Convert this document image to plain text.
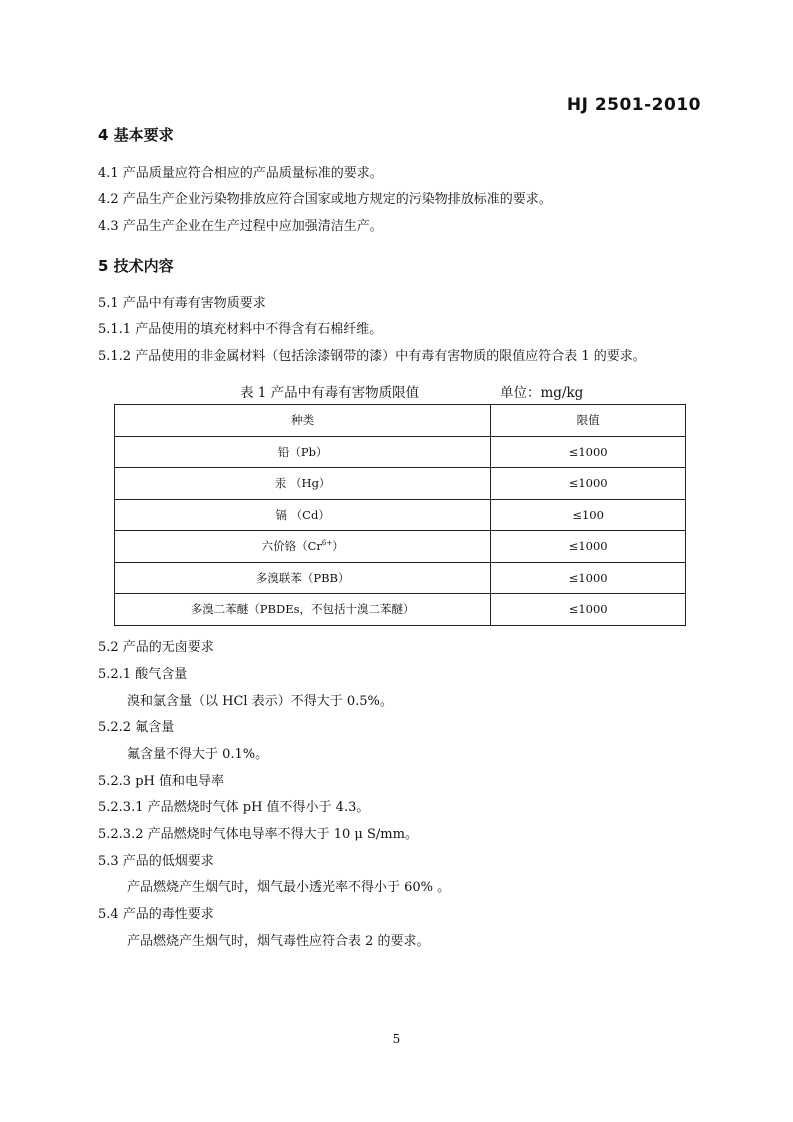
HJ 2501-2010
4 基本要求
4.1 产品质量应符合相应的产品质量标准的要求。
4.2 产品生产企业污染物排放应符合国家或地方规定的污染物排放标准的要求。
4.3 产品生产企业在生产过程中应加强清洁生产。
5 技术内容
5.1 产品中有毒有害物质要求
5.1.1 产品使用的填充材料中不得含有石棉纤维。
5.1.2 产品使用的非金属材料（包括涂漆钢带的漆）中有毒有害物质的限值应符合表 1 的要求。
表 1 产品中有毒有害物质限值	单位：mg/kg
种类	限值
铅（Pb）	≤1000
汞 （Hg）	≤1000
镉 （Cd）	≤100
六价铬$(Cr^{6+})$	≤1000
多溴联苯（PBB）	≤1000
多溴二苯醚（PBDEs，不包括十溴二苯醚）	≤1000
5.2 产品的无卤要求
5.2.1 酸气含量
溴和氯含量（以 HCl 表示）不得大于 0.5%。
5.2.2 氟含量
氟含量不得大于 0.1%。
5.2.3 pH 值和电导率
5.2.3.1 产品燃烧时气体 pH 值不得小于 4.3。
5.2.3.2 产品燃烧时气体电导率不得大于 10 μ S/mm。
5.3 产品的低烟要求
产品燃烧产生烟气时，烟气最小透光率不得小于 60% 。
5.4 产品的毒性要求
产品燃烧产生烟气时，烟气毒性应符合表 2 的要求。
5
